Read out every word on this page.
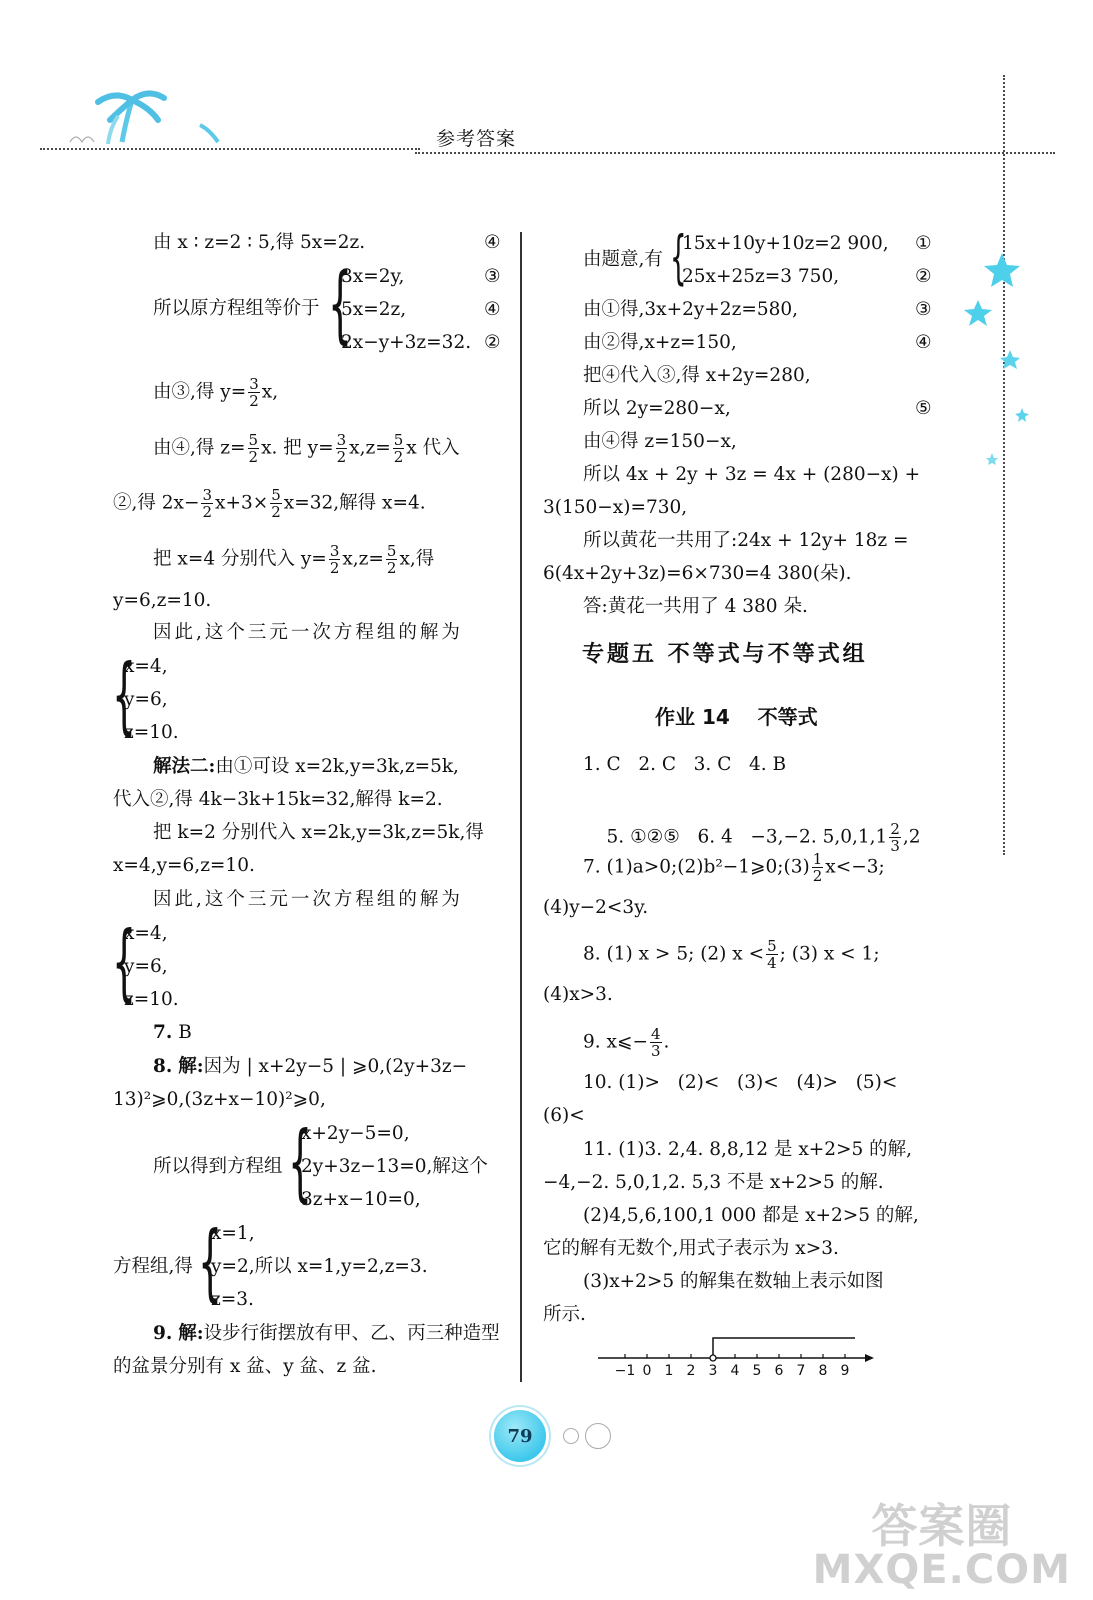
参考答案
由 x ∶ z=2 ∶ 5,得 5x=2z.	④
所以原方程组等价于 {
3x=2y,
5x=2z,
2x−y+3z=32.
③
④
②
由③,得 $y= \frac{3}{2} x$,
由④,得 $z= \frac{5}{2} x$. 把 $y= \frac{3}{2} x,z= \frac{5}{2}$ x 代入
②,得 $2x- \frac{3}{2} x+3\times \frac{5}{2} x=32$,解得 x=4.
把 x=4 分别代入 $y= \frac{3}{2} x,z= \frac{5}{2} x$,得
y=6,z=10.
因此,这个三元一次方程组的解为
{
x=4,
y=6,
z=10.
解法二:由①可设 x=2k,y=3k,z=5k,
代入②,得 4k−3k+15k=32,解得 k=2.
把 k=2 分别代入 x=2k,y=3k,z=5k,得
x=4,y=6,z=10.
因此,这个三元一次方程组的解为
{
x=4,
y=6,
z=10.
7. B
8. 解:因为 | x+2y−5 | ⩾0,(2y+3z−
13)²⩾0,(3z+x−10)²⩾0,
所以得到方程组 {
x+2y−5=0,
2y+3z−13=0,解这个
3z+x−10=0,
方程组,得 {
x=1,
y=2,所以 x=1,y=2,z=3.
z=3.
9. 解:设步行街摆放有甲、乙、丙三种造型
的盆景分别有 x 盆、y 盆、z 盆.
由题意,有 {
15x+10y+10z=2 900,
25x+25z=3 750,
①
②
由①得,3x+2y+2z=580,	③
由②得,x+z=150,	④
把④代入③,得 x+2y=280,
所以 2y=280−x,	⑤
由④得 z=150−x,
所以 4x + 2y + 3z = 4x + (280−x) +
3(150−x)=730,
所以黄花一共用了:24x + 12y+ 18z =
6(4x+2y+3z)=6×730=4 380(朵).
答:黄花一共用了 4 380 朵.
专题五 不等式与不等式组
作业 14    不等式
1. C   2. C   3. C   4. B

5. ①②⑤   6. 4   −3,−2. $5,0,1,1 \frac{2}{3} ,2$

7. (1)a>0;(2)b²−1⩾0;(3) $\frac{1}{2} x<-3$;
(4)y−2<3y.
8. (1) x > 5; (2) $x < \frac{5}{4}$ ; (3) x < 1;
(4)x>3.
9. x⩽− $\frac{4}{3}$ .
10. (1)>   (2)<   (3)<   (4)>   (5)<
(6)<
11. (1)3. 2,4. 8,8,12 是 x+2>5 的解,
−4,−2. 5,0,1,2. 5,3 不是 x+2>5 的解.
(2)4,5,6,100,1 000 都是 x+2>5 的解,
它的解有无数个,用式子表示为 x>3.
(3)x+2>5 的解集在数轴上表示如图
所示.
−1 0 1 2 3 4 5 6 7 8 9
79
答案圈
MXQE.COM
